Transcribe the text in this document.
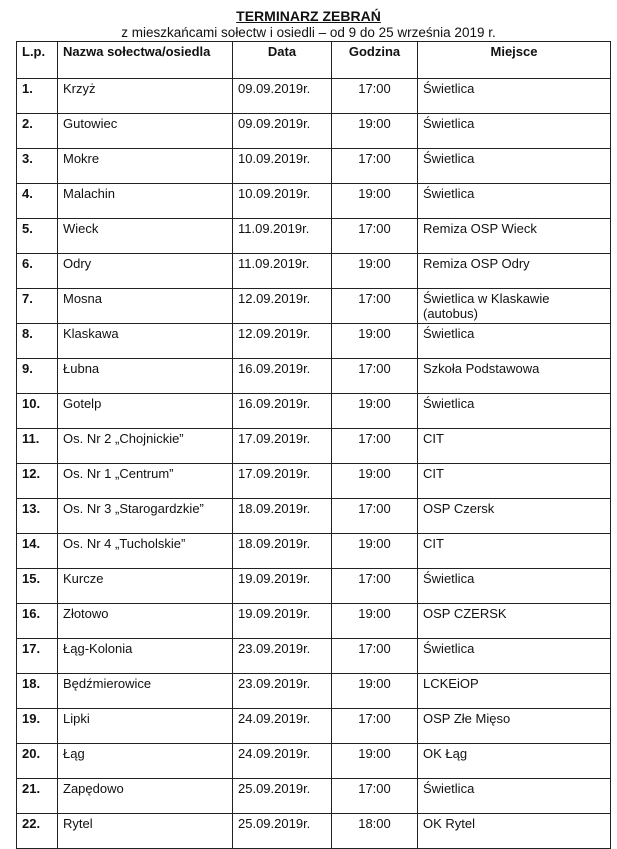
TERMINARZ ZEBRAŃ
z mieszkańcami sołectw i osiedli – od 9 do 25 września 2019 r.
L.p.	Nazwa sołectwa/osiedla	Data	Godzina	Miejsce
1.	Krzyż	09.09.2019r.	17:00	Świetlica
2.	Gutowiec	09.09.2019r.	19:00	Świetlica
3.	Mokre	10.09.2019r.	17:00	Świetlica
4.	Malachin	10.09.2019r.	19:00	Świetlica
5.	Wieck	11.09.2019r.	17:00	Remiza OSP Wieck
6.	Odry	11.09.2019r.	19:00	Remiza OSP Odry
7.	Mosna	12.09.2019r.	17:00	Świetlica w Klaskawie (autobus)
8.	Klaskawa	12.09.2019r.	19:00	Świetlica
9.	Łubna	16.09.2019r.	17:00	Szkoła Podstawowa
10.	Gotelp	16.09.2019r.	19:00	Świetlica
11.	Os. Nr 2 „Chojnickie”	17.09.2019r.	17:00	CIT
12.	Os. Nr 1 „Centrum”	17.09.2019r.	19:00	CIT
13.	Os. Nr 3 „Starogardzkie”	18.09.2019r.	17:00	OSP Czersk
14.	Os. Nr 4 „Tucholskie”	18.09.2019r.	19:00	CIT
15.	Kurcze	19.09.2019r.	17:00	Świetlica
16.	Złotowo	19.09.2019r.	19:00	OSP CZERSK
17.	Łąg-Kolonia	23.09.2019r.	17:00	Świetlica
18.	Będźmierowice	23.09.2019r.	19:00	LCKEiOP
19.	Lipki	24.09.2019r.	17:00	OSP Złe Mięso
20.	Łąg	24.09.2019r.	19:00	OK Łąg
21.	Zapędowo	25.09.2019r.	17:00	Świetlica
22.	Rytel	25.09.2019r.	18:00	OK Rytel
